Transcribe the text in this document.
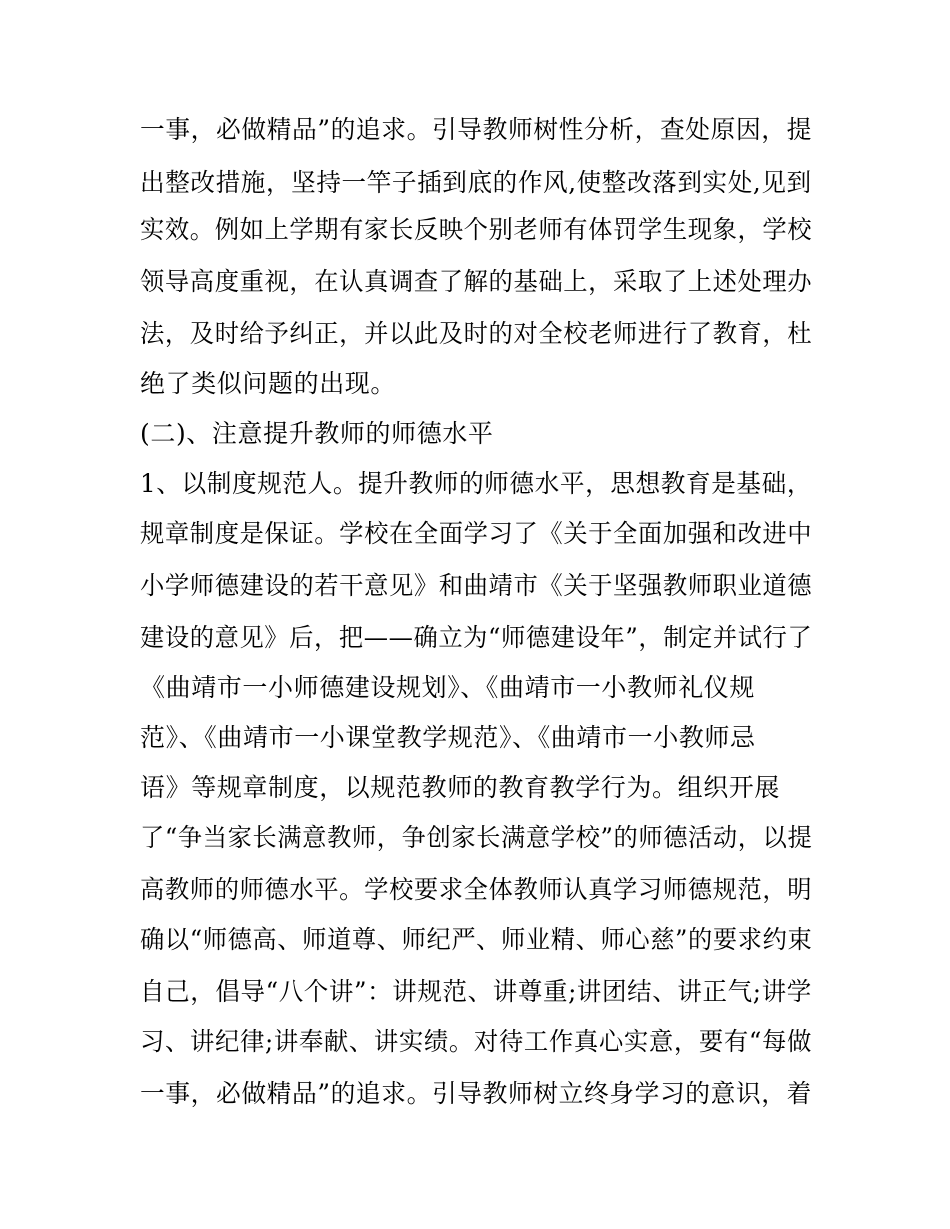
一事，必做精品”的追求。引导教师树性分析，查处原因，提
出整改措施，坚持一竿子插到底的作风,使整改落到实处,见到
实效。例如上学期有家长反映个别老师有体罚学生现象，学校
领导高度重视，在认真调查了解的基础上，采取了上述处理办
法，及时给予纠正，并以此及时的对全校老师进行了教育，杜
绝了类似问题的出现。
(二)、注意提升教师的师德水平
1、以制度规范人。提升教师的师德水平，思想教育是基础，
规章制度是保证。学校在全面学习了《关于全面加强和改进中
小学师德建设的若干意见》和曲靖市《关于坚强教师职业道德
建设的意见》后，把——确立为“师德建设年”，制定并试行了
《曲靖市一小师德建设规划》、《曲靖市一小教师礼仪规
范》、《曲靖市一小课堂教学规范》、《曲靖市一小教师忌
语》等规章制度，以规范教师的教育教学行为。组织开展
了“争当家长满意教师，争创家长满意学校”的师德活动，以提
高教师的师德水平。学校要求全体教师认真学习师德规范，明
确以“师德高、师道尊、师纪严、师业精、师心慈”的要求约束
自己，倡导“八个讲”：讲规范、讲尊重;讲团结、讲正气;讲学
习、讲纪律;讲奉献、讲实绩。对待工作真心实意，要有“每做
一事，必做精品”的追求。引导教师树立终身学习的意识，着
